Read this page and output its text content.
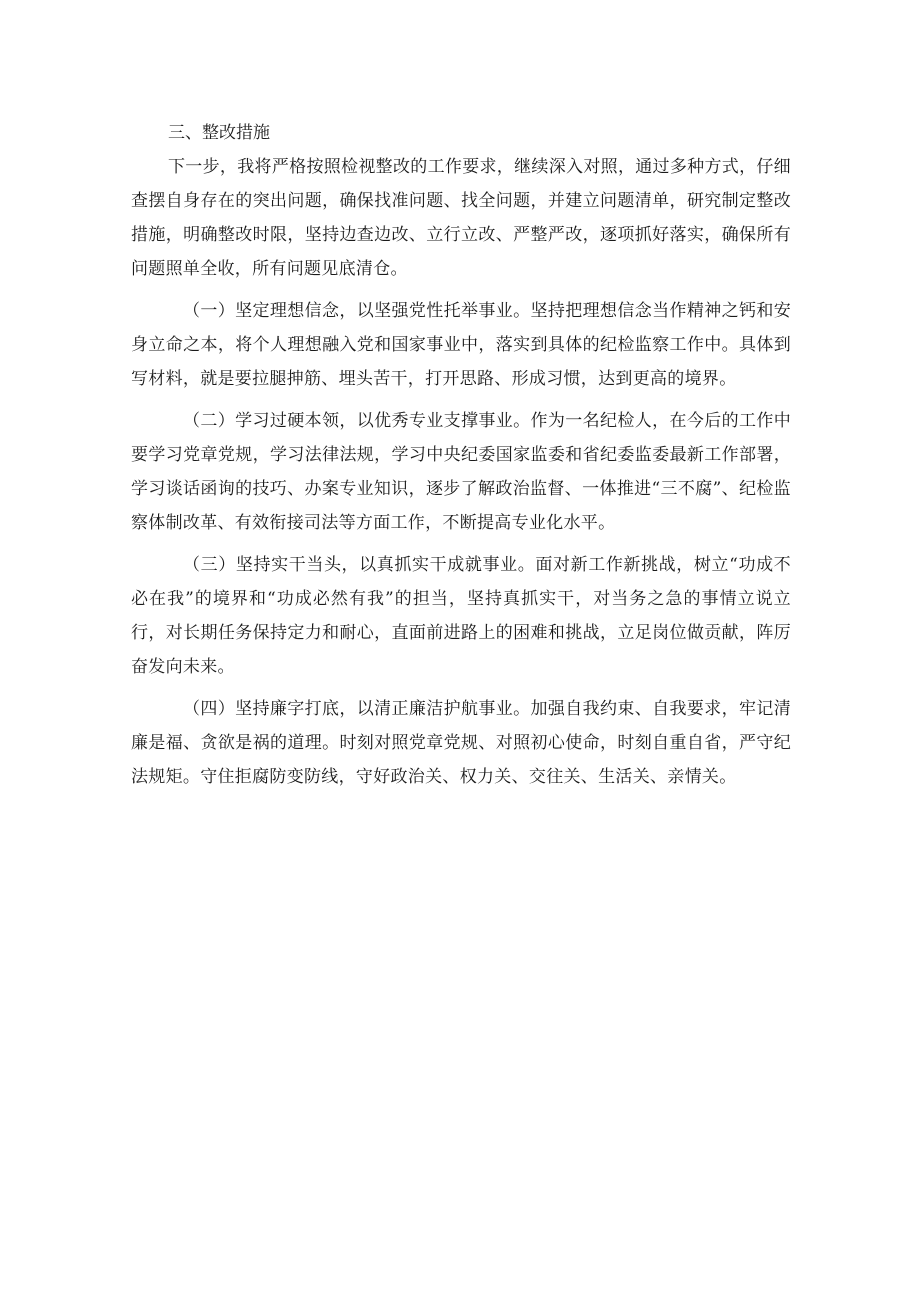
三、整改措施

下一步，我将严格按照检视整改的工作要求，继续深入对照，通过多种方式，仔细查摆自身存在的突出问题，确保找准问题、找全问题，并建立问题清单，研究制定整改措施，明确整改时限，坚持边查边改、立行立改、严整严改，逐项抓好落实，确保所有问题照单全收，所有问题见底清仓。

（一）坚定理想信念，以坚强党性托举事业。坚持把理想信念当作精神之钙和安身立命之本，将个人理想融入党和国家事业中，落实到具体的纪检监察工作中。具体到写材料，就是要拉腿抻筋、埋头苦干，打开思路、形成习惯，达到更高的境界。

（二）学习过硬本领，以优秀专业支撑事业。作为一名纪检人，在今后的工作中要学习党章党规，学习法律法规，学习中央纪委国家监委和省纪委监委最新工作部署，学习谈话函询的技巧、办案专业知识，逐步了解政治监督、一体推进“三不腐”、纪检监察体制改革、有效衔接司法等方面工作，不断提高专业化水平。

（三）坚持实干当头，以真抓实干成就事业。面对新工作新挑战，树立“功成不必在我”的境界和“功成必然有我”的担当，坚持真抓实干，对当务之急的事情立说立行，对长期任务保持定力和耐心，直面前进路上的困难和挑战，立足岗位做贡献，阵厉奋发向未来。

（四）坚持廉字打底，以清正廉洁护航事业。加强自我约束、自我要求，牢记清廉是福、贪欲是祸的道理。时刻对照党章党规、对照初心使命，时刻自重自省，严守纪法规矩。守住拒腐防变防线，守好政治关、权力关、交往关、生活关、亲情关。
